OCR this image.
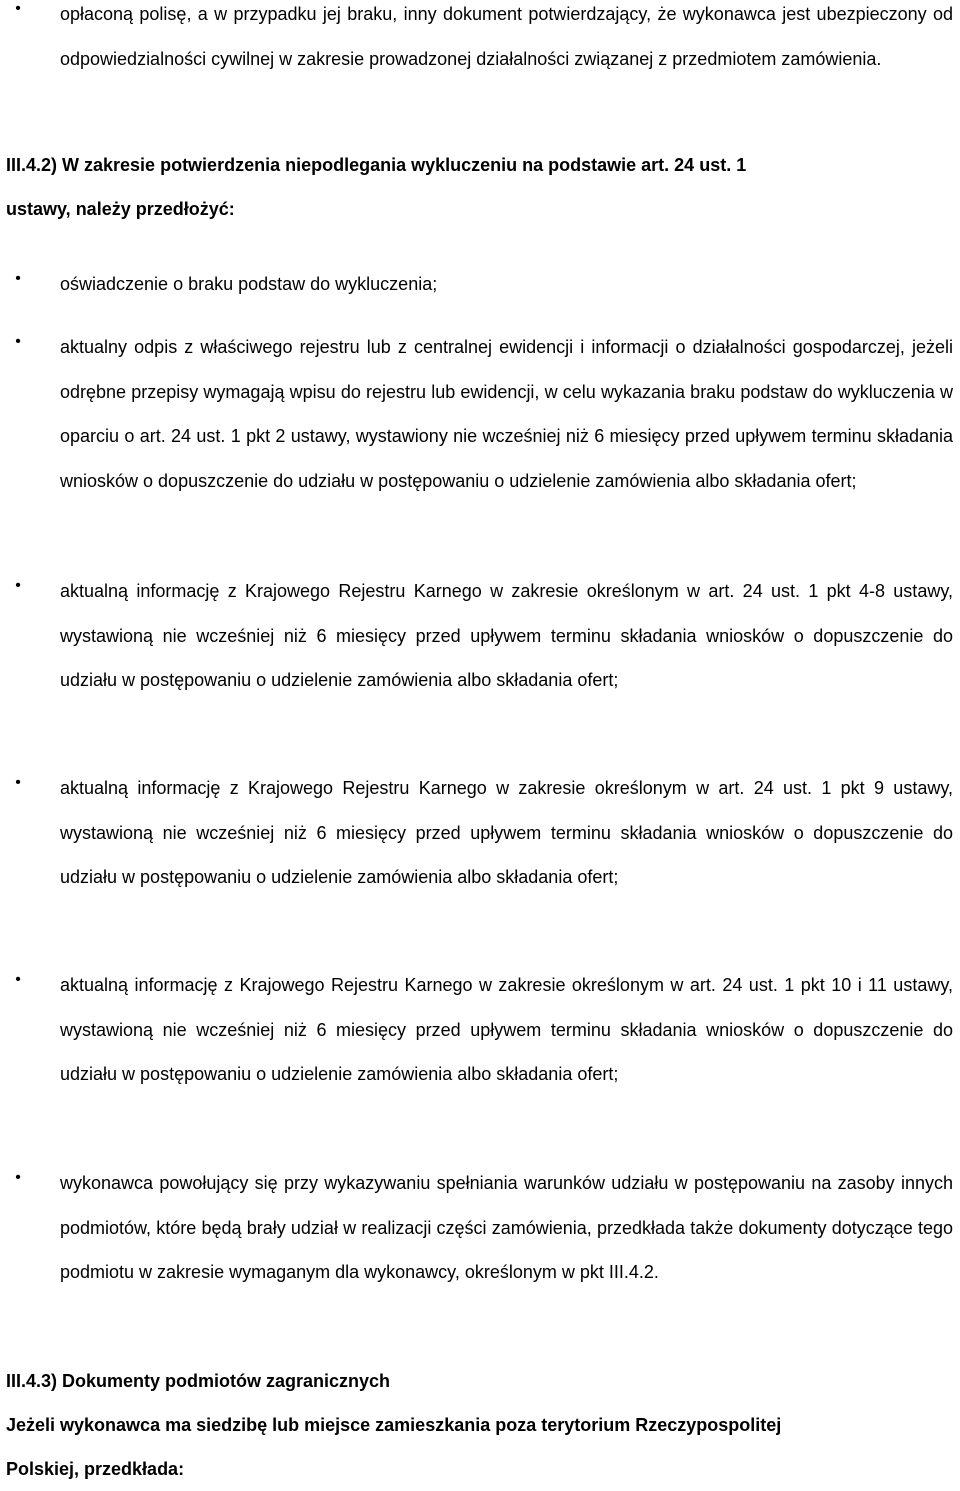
•	opłaconą polisę, a w przypadku jej braku, inny dokument potwierdzający, że wykonawca jest ubezpieczony od odpowiedzialności cywilnej w zakresie prowadzonej działalności związanej z przedmiotem zamówienia.
III.4.2) W zakresie potwierdzenia niepodlegania wykluczeniu na podstawie art. 24 ust. 1
ustawy, należy przedłożyć:
•	oświadczenie o braku podstaw do wykluczenia;
•	aktualny odpis z właściwego rejestru lub z centralnej ewidencji i informacji o działalności gospodarczej, jeżeli odrębne przepisy wymagają wpisu do rejestru lub ewidencji, w celu wykazania braku podstaw do wykluczenia w oparciu o art. 24 ust. 1 pkt 2 ustawy, wystawiony nie wcześniej niż 6 miesięcy przed upływem terminu składania wniosków o dopuszczenie do udziału w postępowaniu o udzielenie zamówienia albo składania ofert;
•	aktualną informację z Krajowego Rejestru Karnego w zakresie określonym w art. 24 ust. 1 pkt 4-8 ustawy, wystawioną nie wcześniej niż 6 miesięcy przed upływem terminu składania wniosków o dopuszczenie do udziału w postępowaniu o udzielenie zamówienia albo składania ofert;
•	aktualną informację z Krajowego Rejestru Karnego w zakresie określonym w art. 24 ust. 1 pkt 9 ustawy, wystawioną nie wcześniej niż 6 miesięcy przed upływem terminu składania wniosków o dopuszczenie do udziału w postępowaniu o udzielenie zamówienia albo składania ofert;
•	aktualną informację z Krajowego Rejestru Karnego w zakresie określonym w art. 24 ust. 1 pkt 10 i 11 ustawy, wystawioną nie wcześniej niż 6 miesięcy przed upływem terminu składania wniosków o dopuszczenie do udziału w postępowaniu o udzielenie zamówienia albo składania ofert;
•	wykonawca powołujący się przy wykazywaniu spełniania warunków udziału w postępowaniu na zasoby innych podmiotów, które będą brały udział w realizacji części zamówienia, przedkłada także dokumenty dotyczące tego podmiotu w zakresie wymaganym dla wykonawcy, określonym w pkt III.4.2.
III.4.3) Dokumenty podmiotów zagranicznych
Jeżeli wykonawca ma siedzibę lub miejsce zamieszkania poza terytorium Rzeczypospolitej
Polskiej, przedkłada:
